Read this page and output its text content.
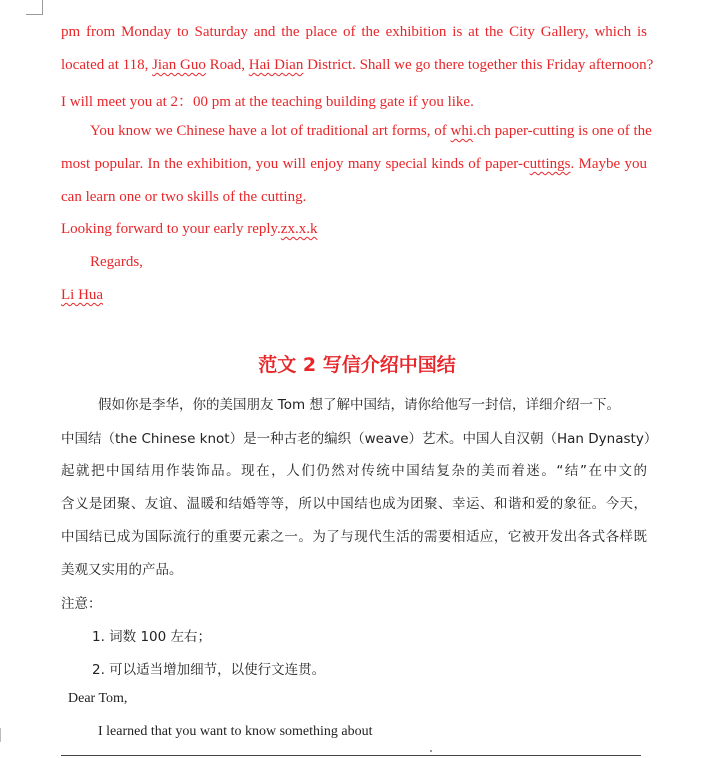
pm from Monday to Saturday and the place of the exhibition is at the City Gallery, which is
located at 118, Jian Guo Road, Hai Dian District. Shall we go there together this Friday afternoon?
I will meet you at 2：00 pm at the teaching building gate if you like.
You know we Chinese have a lot of traditional art forms, of whi.ch paper-cutting is one of the
most popular. In the exhibition, you will enjoy many special kinds of paper-cuttings. Maybe you
can learn one or two skills of the cutting.
Looking forward to your early reply.zx.x.k
Regards,
Li Hua
范文 2 写信介绍中国结
假如你是李华，你的美国朋友 Tom 想了解中国结，请你给他写一封信，详细介绍一下。
中国结（the Chinese knot）是一种古老的编织（weave）艺术。中国人自汉朝（Han Dynasty）
起就把中国结用作装饰品。现在，人们仍然对传统中国结复杂的美而着迷。“结”在中文的
含义是团聚、友谊、温暖和结婚等等，所以中国结也成为团聚、幸运、和谐和爱的象征。今天，
中国结已成为国际流行的重要元素之一。为了与现代生活的需要相适应，它被开发出各式各样既
美观又实用的产品。
注意：
1. 词数 100 左右；
2. 可以适当增加细节，以使行文连贯。
Dear Tom,
I learned that you want to know something about
